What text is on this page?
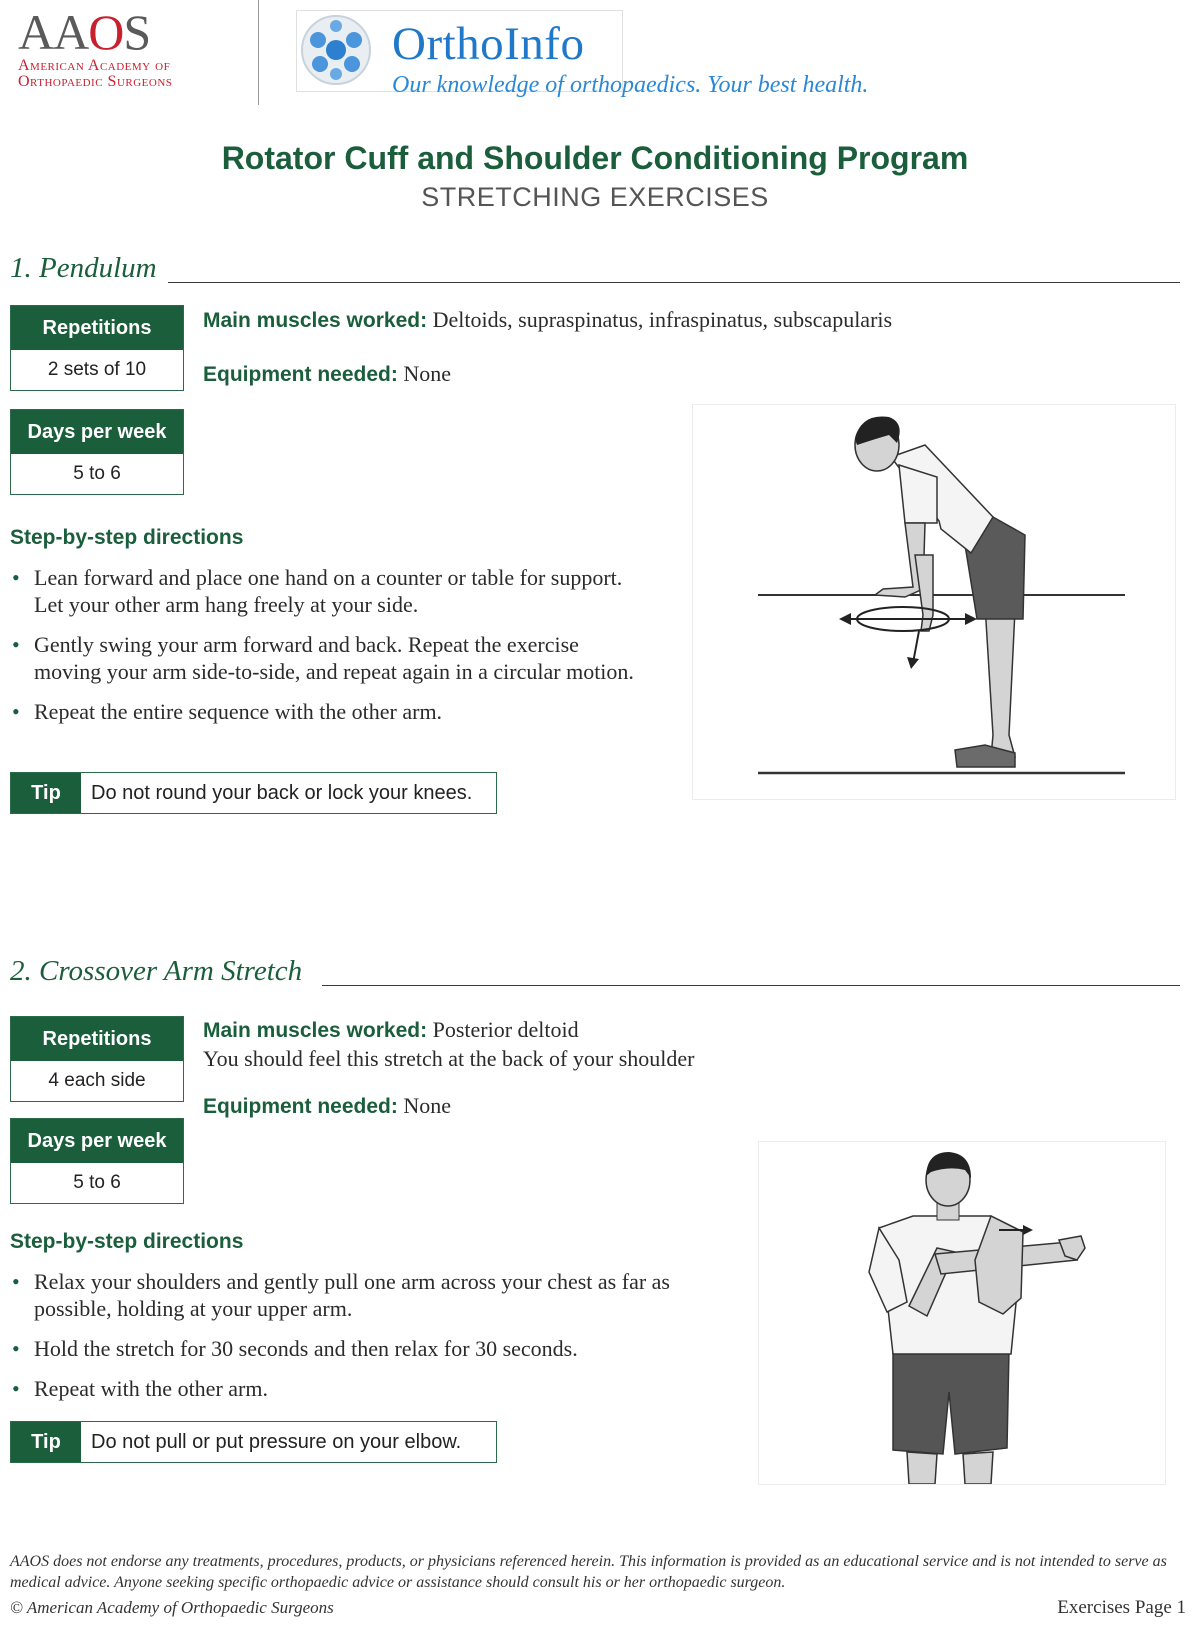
AAOS
American Academy of
Orthopaedic Surgeons
OrthoInfo
Our knowledge of orthopaedics. Your best health.
Rotator Cuff and Shoulder Conditioning Program
STRETCHING EXERCISES
1. Pendulum
Repetitions
2 sets of 10
Days per week
5 to 6
Main muscles worked: Deltoids, supraspinatus, infraspinatus, subscapularis
Equipment needed: None
Step-by-step directions
• Lean forward and place one hand on a counter or table for support. Let your other arm hang freely at your side.
• Gently swing your arm forward and back. Repeat the exercise moving your arm side-to-side, and repeat again in a circular motion.
• Repeat the entire sequence with the other arm.
Tip	Do not round your back or lock your knees.
2. Crossover Arm Stretch
Repetitions
4 each side
Days per week
5 to 6
Main muscles worked: Posterior deltoid
You should feel this stretch at the back of your shoulder
Equipment needed: None
Step-by-step directions
• Relax your shoulders and gently pull one arm across your chest as far as possible, holding at your upper arm.
• Hold the stretch for 30 seconds and then relax for 30 seconds.
• Repeat with the other arm.
Tip	Do not pull or put pressure on your elbow.
AAOS does not endorse any treatments, procedures, products, or physicians referenced herein. This information is provided as an educational service and is not intended to serve as medical advice. Anyone seeking specific orthopaedic advice or assistance should consult his or her orthopaedic surgeon.
© American Academy of Orthopaedic Surgeons	Exercises Page 1
